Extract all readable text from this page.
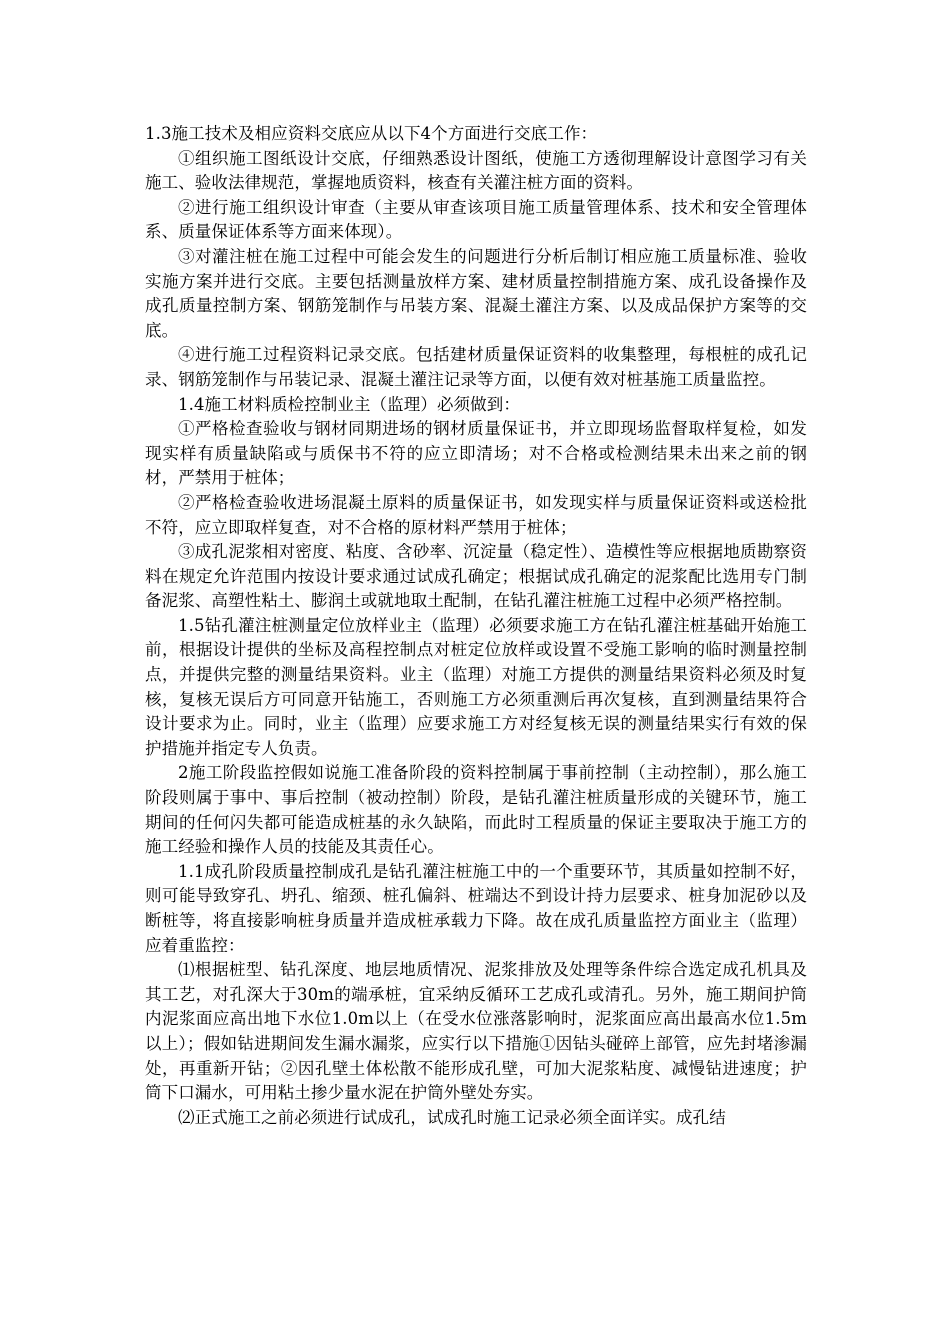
1.3施工技术及相应资料交底应从以下4个方面进行交底工作：

①组织施工图纸设计交底，仔细熟悉设计图纸，使施工方透彻理解设计意图学习有关施工、验收法律规范，掌握地质资料，核查有关灌注桩方面的资料。

②进行施工组织设计审查（主要从审查该项目施工质量管理体系、技术和安全管理体系、质量保证体系等方面来体现）。

③对灌注桩在施工过程中可能会发生的问题进行分析后制订相应施工质量标准、验收实施方案并进行交底。主要包括测量放样方案、建材质量控制措施方案、成孔设备操作及成孔质量控制方案、钢筋笼制作与吊装方案、混凝土灌注方案、以及成品保护方案等的交底。

④进行施工过程资料记录交底。包括建材质量保证资料的收集整理，每根桩的成孔记录、钢筋笼制作与吊装记录、混凝土灌注记录等方面，以便有效对桩基施工质量监控。

1.4施工材料质检控制业主（监理）必须做到：

①严格检查验收与钢材同期进场的钢材质量保证书，并立即现场监督取样复检，如发现实样有质量缺陷或与质保书不符的应立即清场；对不合格或检测结果未出来之前的钢材，严禁用于桩体；

②严格检查验收进场混凝土原料的质量保证书，如发现实样与质量保证资料或送检批不符，应立即取样复查，对不合格的原材料严禁用于桩体；

③成孔泥浆相对密度、粘度、含砂率、沉淀量（稳定性）、造模性等应根据地质勘察资料在规定允许范围内按设计要求通过试成孔确定；根据试成孔确定的泥浆配比选用专门制备泥浆、高塑性粘土、膨润土或就地取土配制，在钻孔灌注桩施工过程中必须严格控制。

1.5钻孔灌注桩测量定位放样业主（监理）必须要求施工方在钻孔灌注桩基础开始施工前，根据设计提供的坐标及高程控制点对桩定位放样或设置不受施工影响的临时测量控制点，并提供完整的测量结果资料。业主（监理）对施工方提供的测量结果资料必须及时复核，复核无误后方可同意开钻施工，否则施工方必须重测后再次复核，直到测量结果符合设计要求为止。同时，业主（监理）应要求施工方对经复核无误的测量结果实行有效的保护措施并指定专人负责。

2施工阶段监控假如说施工准备阶段的资料控制属于事前控制（主动控制），那么施工阶段则属于事中、事后控制（被动控制）阶段，是钻孔灌注桩质量形成的关键环节，施工期间的任何闪失都可能造成桩基的永久缺陷，而此时工程质量的保证主要取决于施工方的施工经验和操作人员的技能及其责任心。

1.1成孔阶段质量控制成孔是钻孔灌注桩施工中的一个重要环节，其质量如控制不好，则可能导致穿孔、坍孔、缩颈、桩孔偏斜、桩端达不到设计持力层要求、桩身加泥砂以及断桩等，将直接影响桩身质量并造成桩承载力下降。故在成孔质量监控方面业主（监理）应着重监控：

⑴根据桩型、钻孔深度、地层地质情况、泥浆排放及处理等条件综合选定成孔机具及其工艺，对孔深大于30m的端承桩，宜采纳反循环工艺成孔或清孔。另外，施工期间护筒内泥浆面应高出地下水位1.0m以上（在受水位涨落影响时，泥浆面应高出最高水位1.5m以上）；假如钻进期间发生漏水漏浆，应实行以下措施①因钻头碰碎上部管，应先封堵渗漏处，再重新开钻；②因孔壁土体松散不能形成孔壁，可加大泥浆粘度、减慢钻进速度；护筒下口漏水，可用粘土掺少量水泥在护筒外壁处夯实。

⑵正式施工之前必须进行试成孔，试成孔时施工记录必须全面详实。成孔结
